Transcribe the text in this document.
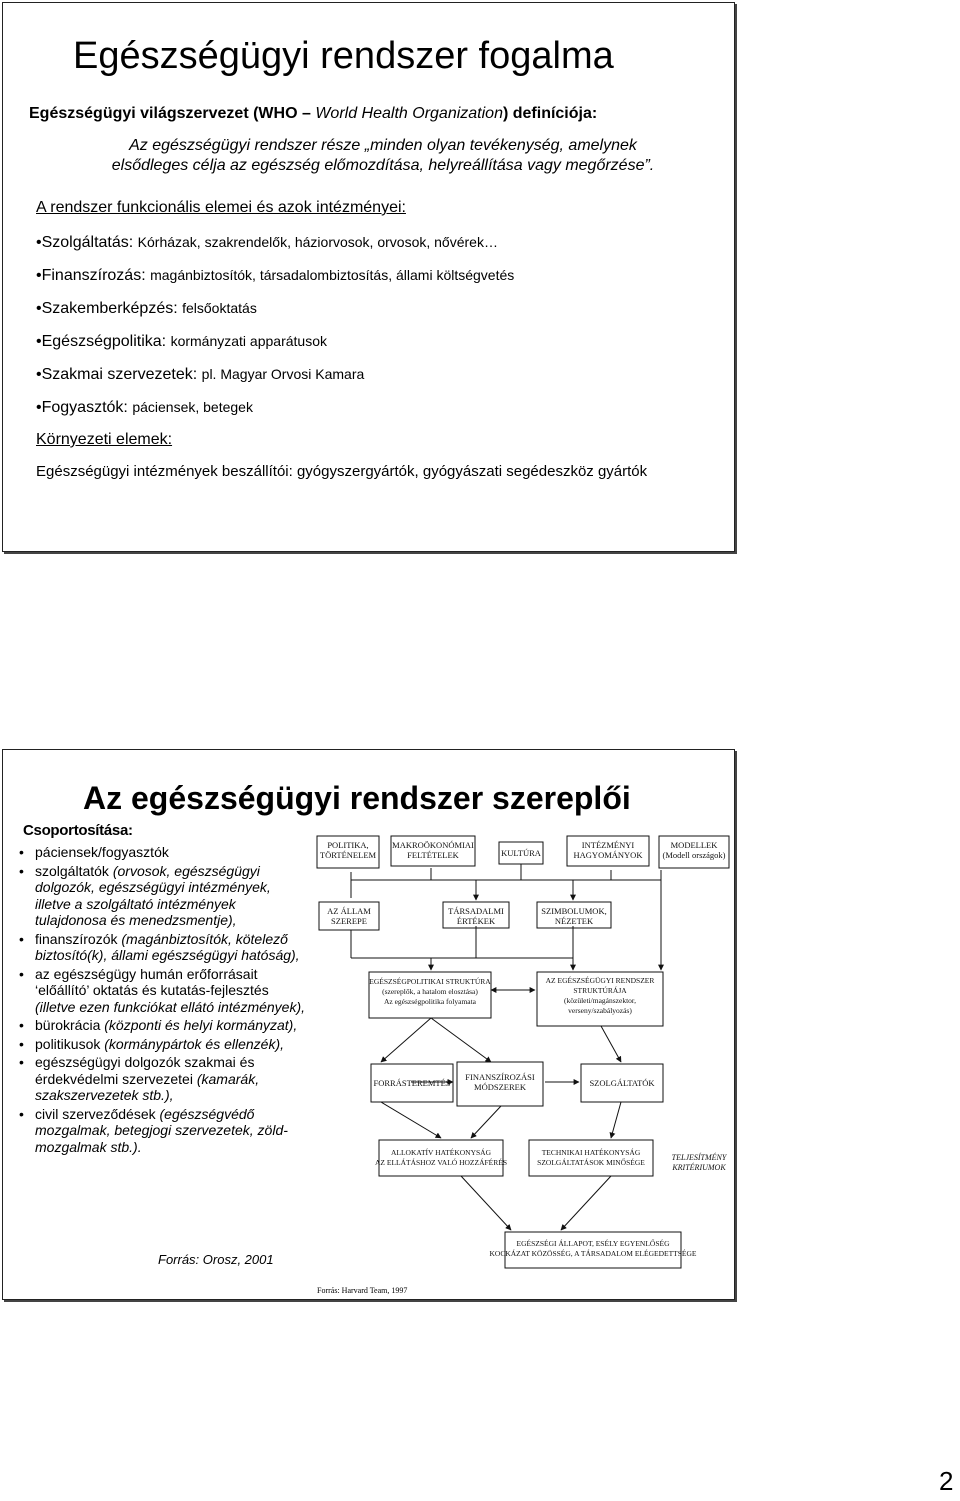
Egészségügyi rendszer fogalma
Egészségügyi világszervezet (WHO – World Health Organization) definíciója:
Az egészségügyi rendszer része „minden olyan tevékenység, amelynek
elsődleges célja az egészség előmozdítása, helyreállítása vagy megőrzése”.
A rendszer funkcionális elemei és azok intézményei:
•Szolgáltatás: Kórházak, szakrendelők, háziorvosok, orvosok, nővérek…
•Finanszírozás: magánbiztosítók, társadalombiztosítás, állami költségvetés
•Szakemberképzés: felsőoktatás
•Egészségpolitika: kormányzati apparátusok
•Szakmai szervezetek: pl. Magyar Orvosi Kamara
•Fogyasztók: páciensek, betegek
Környezeti elemek:
Egészségügyi intézmények beszállítói: gyógyszergyártók, gyógyászati segédeszköz gyártók
Az egészségügyi rendszer szereplői
Csoportosítása:
• páciensek/fogyasztók
• szolgáltatók (orvosok, egészségügyi dolgozók, egészségügyi intézmények, illetve a szolgáltató intézmények tulajdonosa és menedzsmentje),
• finanszírozók (magánbiztosítók, kötelező biztosító(k), állami egészségügyi hatóság),
• az egészségügy humán erőforrásait ‘előállító’ oktatás és kutatás-fejlesztés (illetve ezen funkciókat ellátó intézmények),
• bürokrácia (központi és helyi kormányzat),
• politikusok (kormánypártok és ellenzék),
• egészségügyi dolgozók szakmai és érdekvédelmi szervezetei (kamarák, szakszervezetek stb.),
• civil szerveződések (egészségvédő mozgalmak, betegjogi szervezetek, zöld-mozgalmak stb.).
Forrás: Orosz, 2001
POLITIKA, TÖRTÉNELEM
MAKROÖKONÓMIAI FELTÉTELEK	KULTÚRA
INTÉZMÉNYI HAGYOMÁNYOK
MODELLEK (Modell országok)
AZ ÁLLAM SZEREPE
TÁRSADALMI ÉRTÉKEK
SZIMBOLUMOK, NÉZETEK
EGÉSZSÉGPOLITIKAI STRUKTÚRA (szereplők, a hatalom elosztása) Az egészségpolitika folyamata
AZ EGÉSZSÉGÜGYI RENDSZER STRUKTÚRÁJA (közületi/magánszektor, verseny/szabályozás)
FORRÁSTEREMTÉS
FINANSZÍROZÁSI MÓDSZEREK	SZOLGÁLTATÓK
ALLOKATÍV HATÉKONYSÁG AZ ELLÁTÁSHOZ VALÓ HOZZÁFÉRÉS
TECHNIKAI HATÉKONYSÁG SZOLGÁLTATÁSOK MINŐSÉGE
TELJESÍTMÉNY KRITÉRIUMOK
EGÉSZSÉGI ÁLLAPOT, ESÉLY EGYENLŐSÉG KOCKÁZAT KÖZÖSSÉG, A TÁRSADALOM ELÉGEDETTSÉGE
Forrás: Harvard Team, 1997
2
